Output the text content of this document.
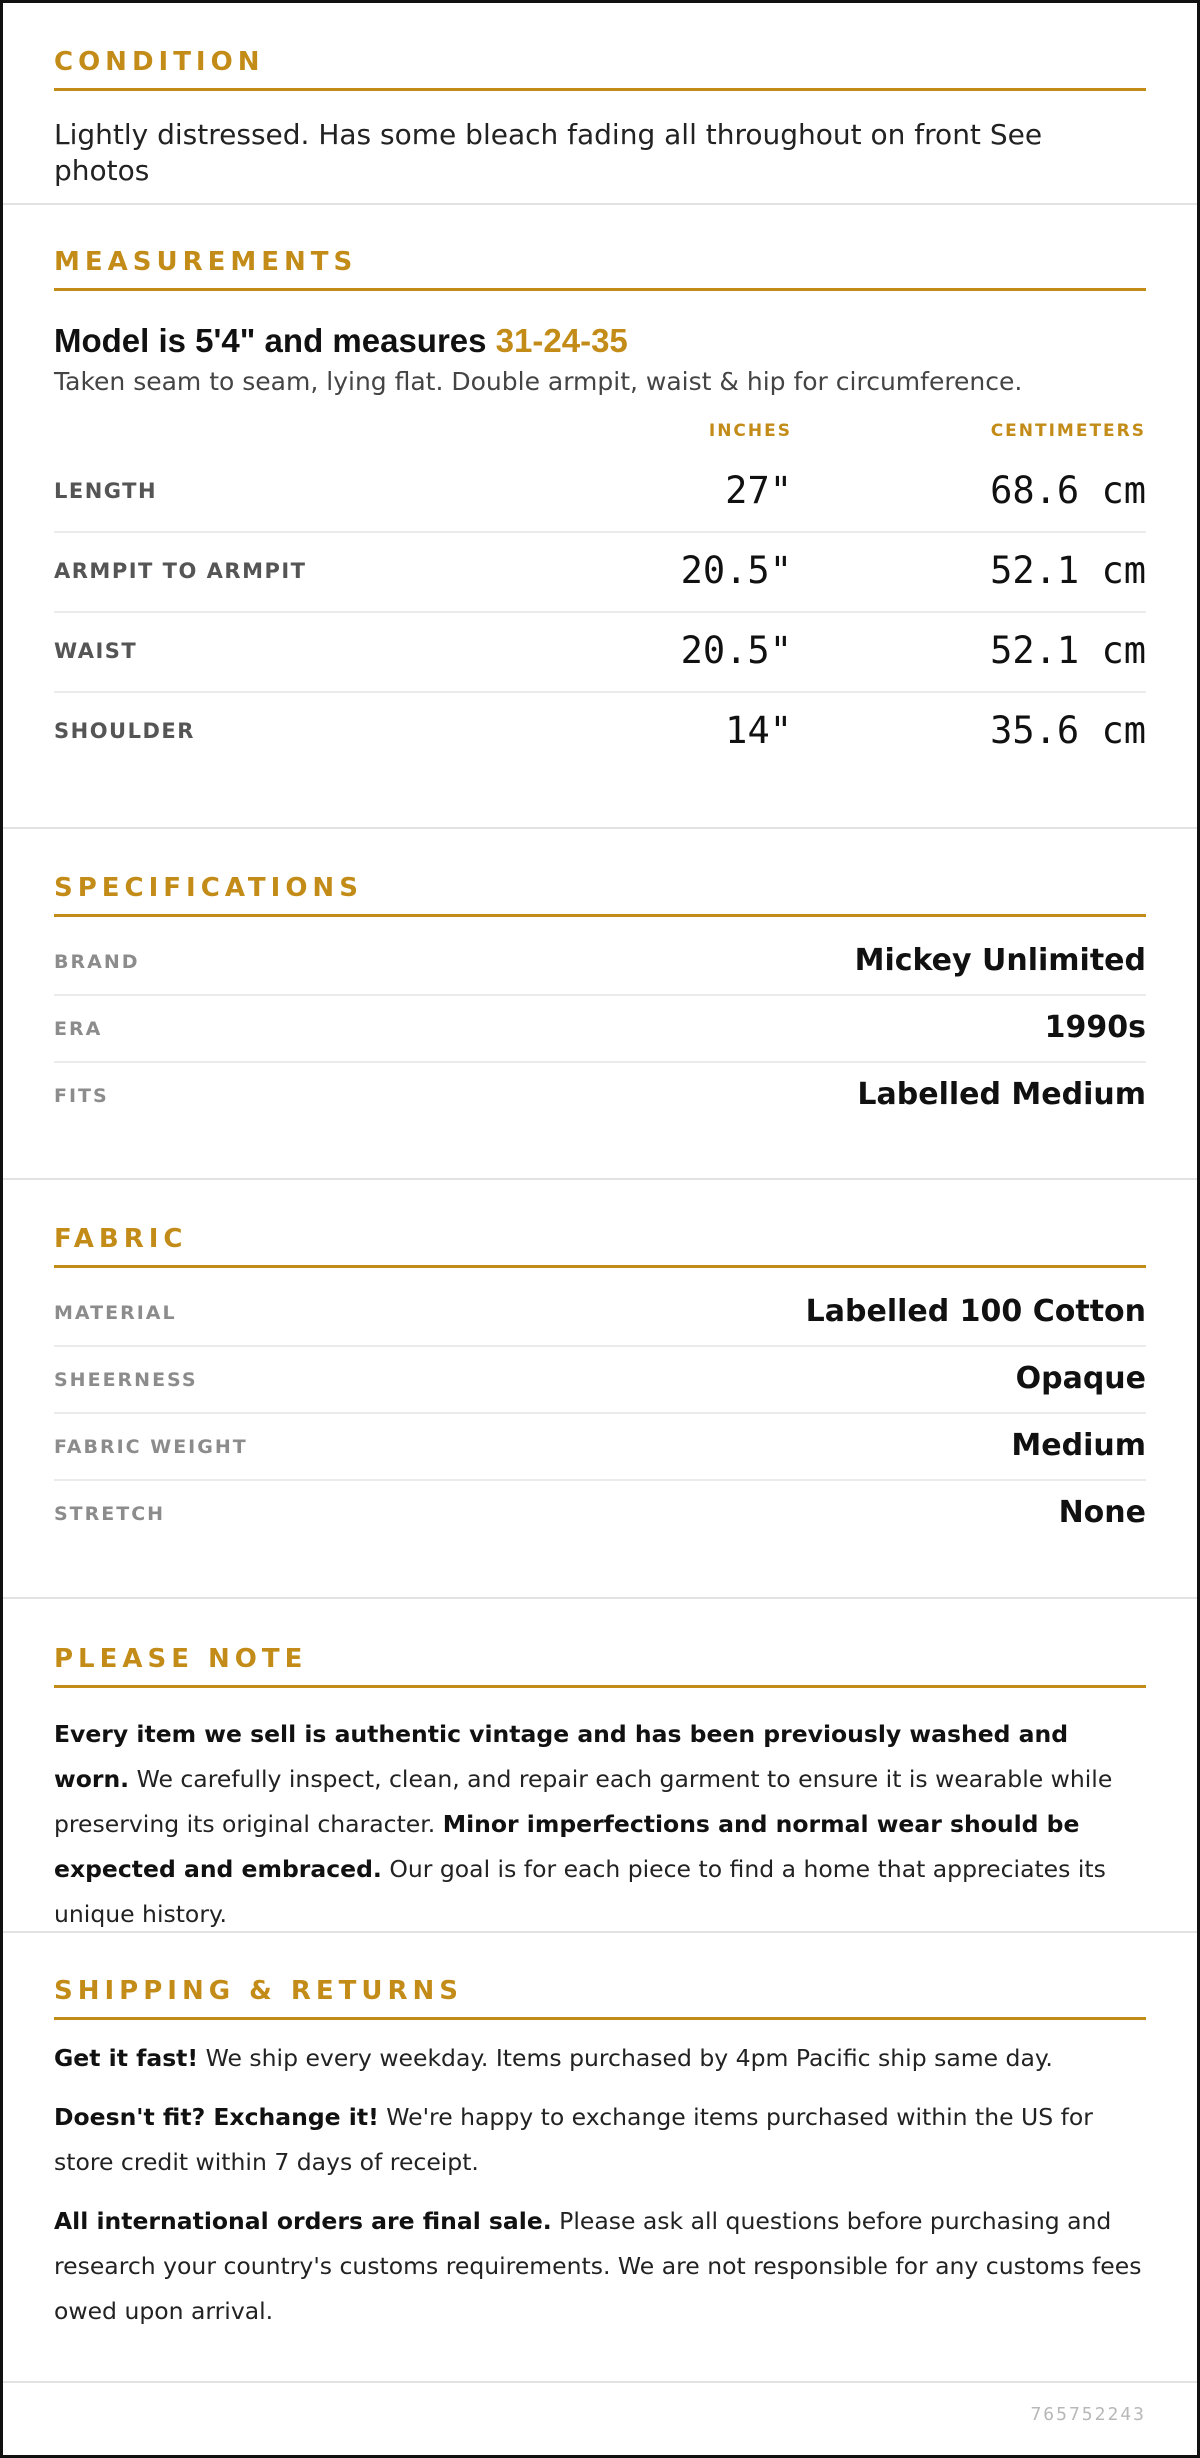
CONDITION
Lightly distressed. Has some bleach fading all throughout on front See photos
MEASUREMENTS
Model is 5'4" and measures 31-24-35
Taken seam to seam, lying flat. Double armpit, waist & hip for circumference.
INCHES	CENTIMETERS
LENGTH	27"	68.6 cm
ARMPIT TO ARMPIT	20.5"	52.1 cm
WAIST	20.5"	52.1 cm
SHOULDER	14"	35.6 cm
SPECIFICATIONS
BRAND	Mickey Unlimited
ERA	1990s
FITS	Labelled Medium
FABRIC
MATERIAL	Labelled 100 Cotton
SHEERNESS	Opaque
FABRIC WEIGHT	Medium
STRETCH	None
PLEASE NOTE

Every item we sell is authentic vintage and has been previously washed and worn. We carefully inspect, clean, and repair each garment to ensure it is wearable while preserving its original character. Minor imperfections and normal wear should be expected and embraced. Our goal is for each piece to find a home that appreciates its unique history.

SHIPPING & RETURNS

Get it fast! We ship every weekday. Items purchased by 4pm Pacific ship same day.

Doesn't fit? Exchange it! We're happy to exchange items purchased within the US for store credit within 7 days of receipt.

All international orders are final sale. Please ask all questions before purchasing and research your country's customs requirements. We are not responsible for any customs fees owed upon arrival.

765752243
